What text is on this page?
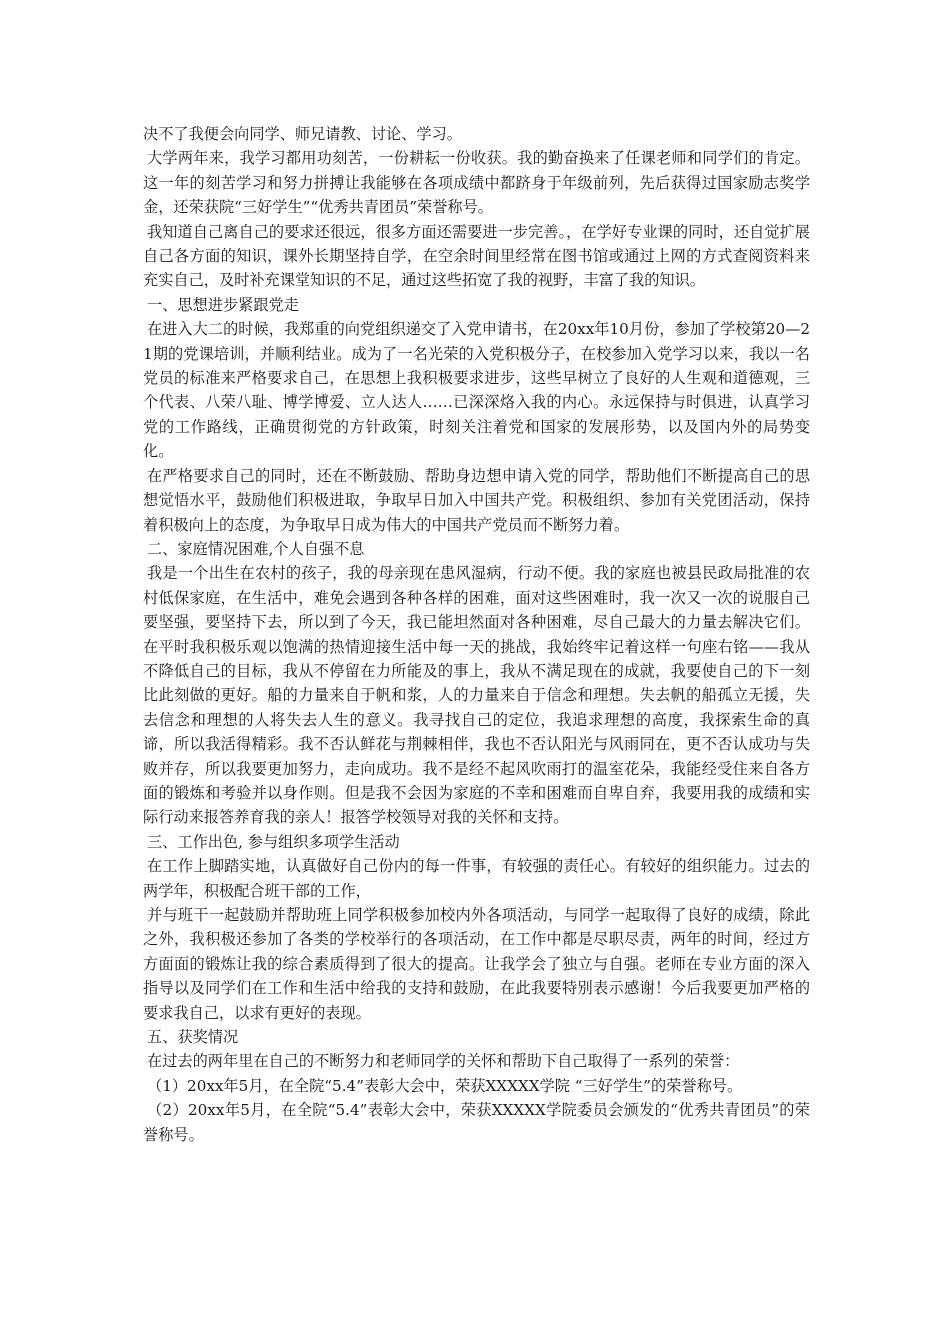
决不了我便会向同学、师兄请教、讨论、学习。

大学两年来，我学习都用功刻苦，一份耕耘一份收获。我的勤奋换来了任课老师和同学们的肯定。这一年的刻苦学习和努力拼搏让我能够在各项成绩中都跻身于年级前列，先后获得过国家励志奖学金，还荣获院“三好学生”“优秀共青团员”荣誉称号。

我知道自己离自己的要求还很远，很多方面还需要进一步完善。，在学好专业课的同时，还自觉扩展自己各方面的知识，课外长期坚持自学，在空余时间里经常在图书馆或通过上网的方式查阅资料来充实自己，及时补充课堂知识的不足，通过这些拓宽了我的视野，丰富了我的知识。

一、思想进步紧跟党走

在进入大二的时候，我郑重的向党组织递交了入党申请书，在20xx年10月份，参加了学校第20—21期的党课培训，并顺利结业。成为了一名光荣的入党积极分子，在校参加入党学习以来，我以一名党员的标准来严格要求自己，在思想上我积极要求进步，这些早树立了良好的人生观和道德观，三个代表、八荣八耻、博学博爱、立人达人……已深深烙入我的内心。永远保持与时俱进，认真学习党的工作路线，正确贯彻党的方针政策，时刻关注着党和国家的发展形势，以及国内外的局势变化。

在严格要求自己的同时，还在不断鼓励、帮助身边想申请入党的同学，帮助他们不断提高自己的思想觉悟水平，鼓励他们积极进取，争取早日加入中国共产党。积极组织、参加有关党团活动，保持着积极向上的态度，为争取早日成为伟大的中国共产党员而不断努力着。

二、家庭情况困难,个人自强不息

我是一个出生在农村的孩子，我的母亲现在患风湿病，行动不便。我的家庭也被县民政局批准的农村低保家庭，在生活中，难免会遇到各种各样的困难，面对这些困难时，我一次又一次的说服自己要坚强，要坚持下去，所以到了今天，我已能坦然面对各种困难，尽自己最大的力量去解决它们。在平时我积极乐观以饱满的热情迎接生活中每一天的挑战，我始终牢记着这样一句座右铭——我从不降低自己的目标，我从不停留在力所能及的事上，我从不满足现在的成就，我要使自己的下一刻比此刻做的更好。船的力量来自于帆和浆，人的力量来自于信念和理想。失去帆的船孤立无援，失去信念和理想的人将失去人生的意义。我寻找自己的定位，我追求理想的高度，我探索生命的真谛，所以我活得精彩。我不否认鲜花与荆棘相伴，我也不否认阳光与风雨同在，更不否认成功与失败并存，所以我要更加努力，走向成功。我不是经不起风吹雨打的温室花朵，我能经受住来自各方面的锻炼和考验并以身作则。但是我不会因为家庭的不幸和困难而自卑自弃，我要用我的成绩和实际行动来报答养育我的亲人！报答学校领导对我的关怀和支持。

三、工作出色, 参与组织多项学生活动

在工作上脚踏实地，认真做好自己份内的每一件事，有较强的责任心。有较好的组织能力。过去的两学年，积极配合班干部的工作，

并与班干一起鼓励并帮助班上同学积极参加校内外各项活动，与同学一起取得了良好的成绩，除此之外，我积极还参加了各类的学校举行的各项活动，在工作中都是尽职尽责，两年的时间，经过方方面面的锻炼让我的综合素质得到了很大的提高。让我学会了独立与自强。老师在专业方面的深入指导以及同学们在工作和生活中给我的支持和鼓励，在此我要特别表示感谢！今后我要更加严格的要求我自己，以求有更好的表现。

五、获奖情况

在过去的两年里在自己的不断努力和老师同学的关怀和帮助下自己取得了一系列的荣誉：

（1）20xx年5月，在全院“5.4”表彰大会中，荣获XXXXX学院 “三好学生”的荣誉称号。

（2）20xx年5月，在全院“5.4”表彰大会中，荣获XXXXX学院委员会颁发的“优秀共青团员”的荣誉称号。
